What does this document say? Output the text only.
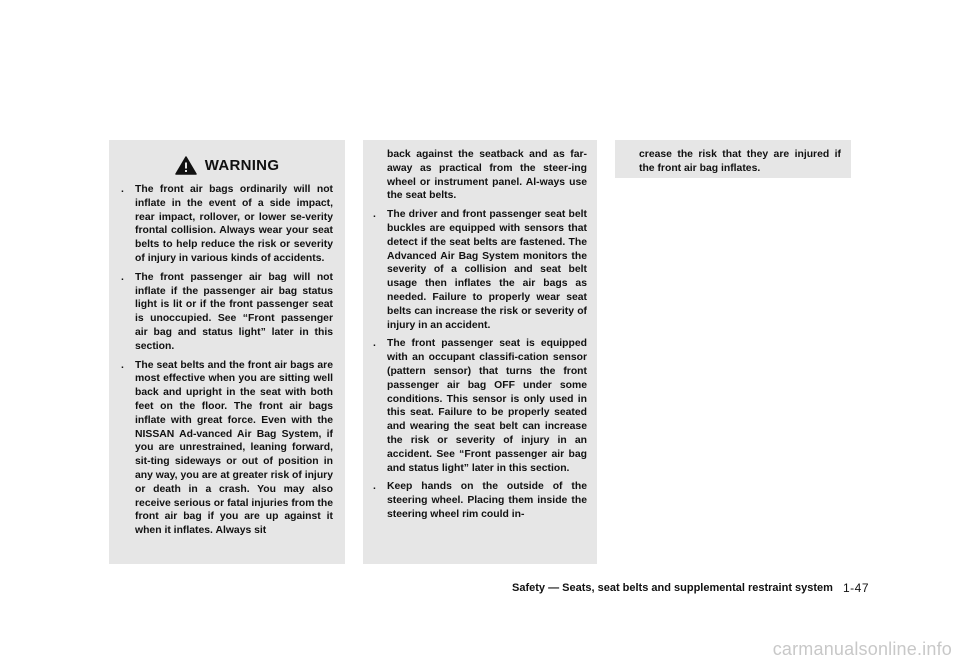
WARNING
.	The front air bags ordinarily will not inflate in the event of a side impact, rear impact, rollover, or lower se-verity frontal collision. Always wear your seat belts to help reduce the risk or severity of injury in various kinds of accidents.
.	The front passenger air bag will not inflate if the passenger air bag status light is lit or if the front passenger seat is unoccupied. See “Front passenger air bag and status light” later in this section.
.	The seat belts and the front air bags are most effective when you are sitting well back and upright in the seat with both feet on the floor. The front air bags inflate with great force. Even with the NISSAN Ad-vanced Air Bag System, if you are unrestrained, leaning forward, sit-ting sideways or out of position in any way, you are at greater risk of injury or death in a crash. You may also receive serious or fatal injuries from the front air bag if you are up against it when it inflates. Always sit
back against the seatback and as far-away as practical from the steer-ing wheel or instrument panel. Al-ways use the seat belts.
.	The driver and front passenger seat belt buckles are equipped with sensors that detect if the seat belts are fastened. The Advanced Air Bag System monitors the severity of a collision and seat belt usage then inflates the air bags as needed. Failure to properly wear seat belts can increase the risk or severity of injury in an accident.
.	The front passenger seat is equipped with an occupant classifi-cation sensor (pattern sensor) that turns the front passenger air bag OFF under some conditions. This sensor is only used in this seat. Failure to be properly seated and wearing the seat belt can increase the risk or severity of injury in an accident. See “Front passenger air bag and status light” later in this section.
.	Keep hands on the outside of the steering wheel. Placing them inside the steering wheel rim could in-
crease the risk that they are injured if the front air bag inflates.
Safety — Seats, seat belts and supplemental restraint system 1-47
carmanualsonline.info
